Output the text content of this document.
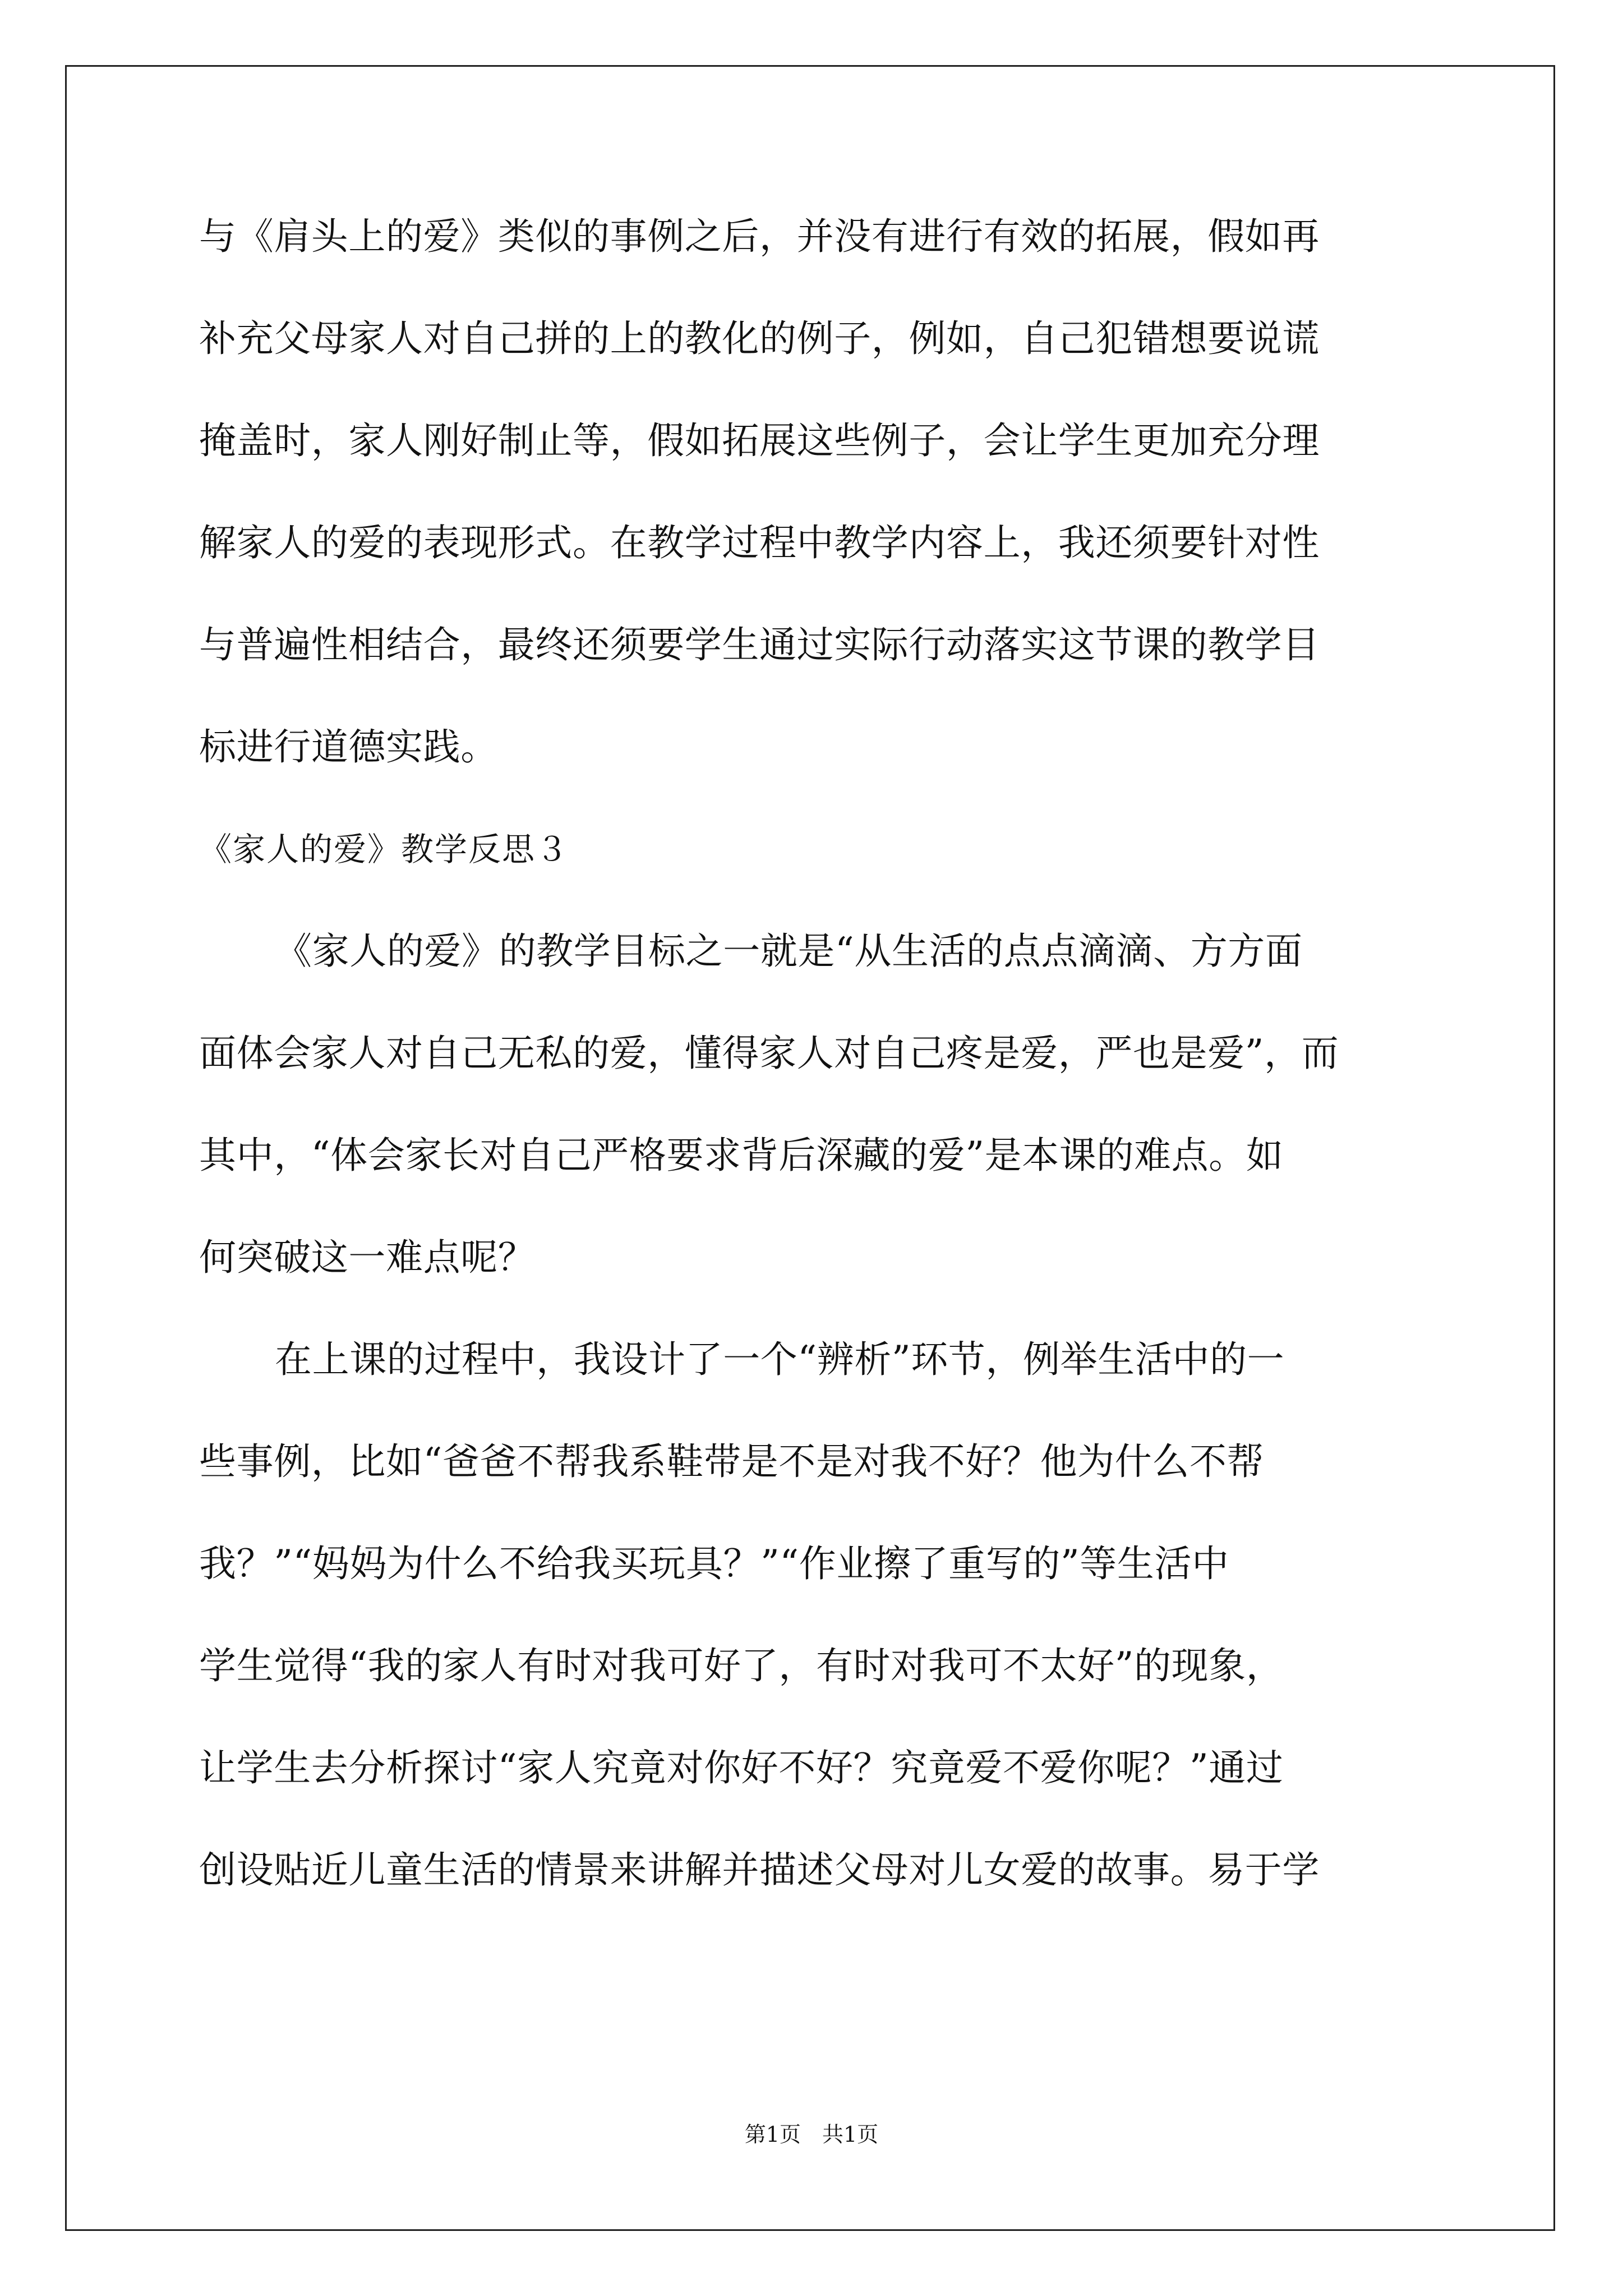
与《肩头上的爱》类似的事例之后，并没有进行有效的拓展，假如再
补充父母家人对自己拼的上的教化的例子，例如，自己犯错想要说谎
掩盖时，家人刚好制止等，假如拓展这些例子，会让学生更加充分理
解家人的爱的表现形式。在教学过程中教学内容上，我还须要针对性
与普遍性相结合，最终还须要学生通过实际行动落实这节课的教学目
标进行道德实践。
《家人的爱》教学反思３
《家人的爱》的教学目标之一就是“从生活的点点滴滴、方方面
面体会家人对自己无私的爱，懂得家人对自己疼是爱，严也是爱”，而
其中，“体会家长对自己严格要求背后深藏的爱”是本课的难点。如
何突破这一难点呢？
在上课的过程中，我设计了一个“辨析”环节，例举生活中的一
些事例，比如“爸爸不帮我系鞋带是不是对我不好？他为什么不帮
我？”“妈妈为什么不给我买玩具？”“作业擦了重写的”等生活中
学生觉得“我的家人有时对我可好了，有时对我可不太好”的现象，
让学生去分析探讨“家人究竟对你好不好？究竟爱不爱你呢？”通过
创设贴近儿童生活的情景来讲解并描述父母对儿女爱的故事。易于学
第1页　共1页
